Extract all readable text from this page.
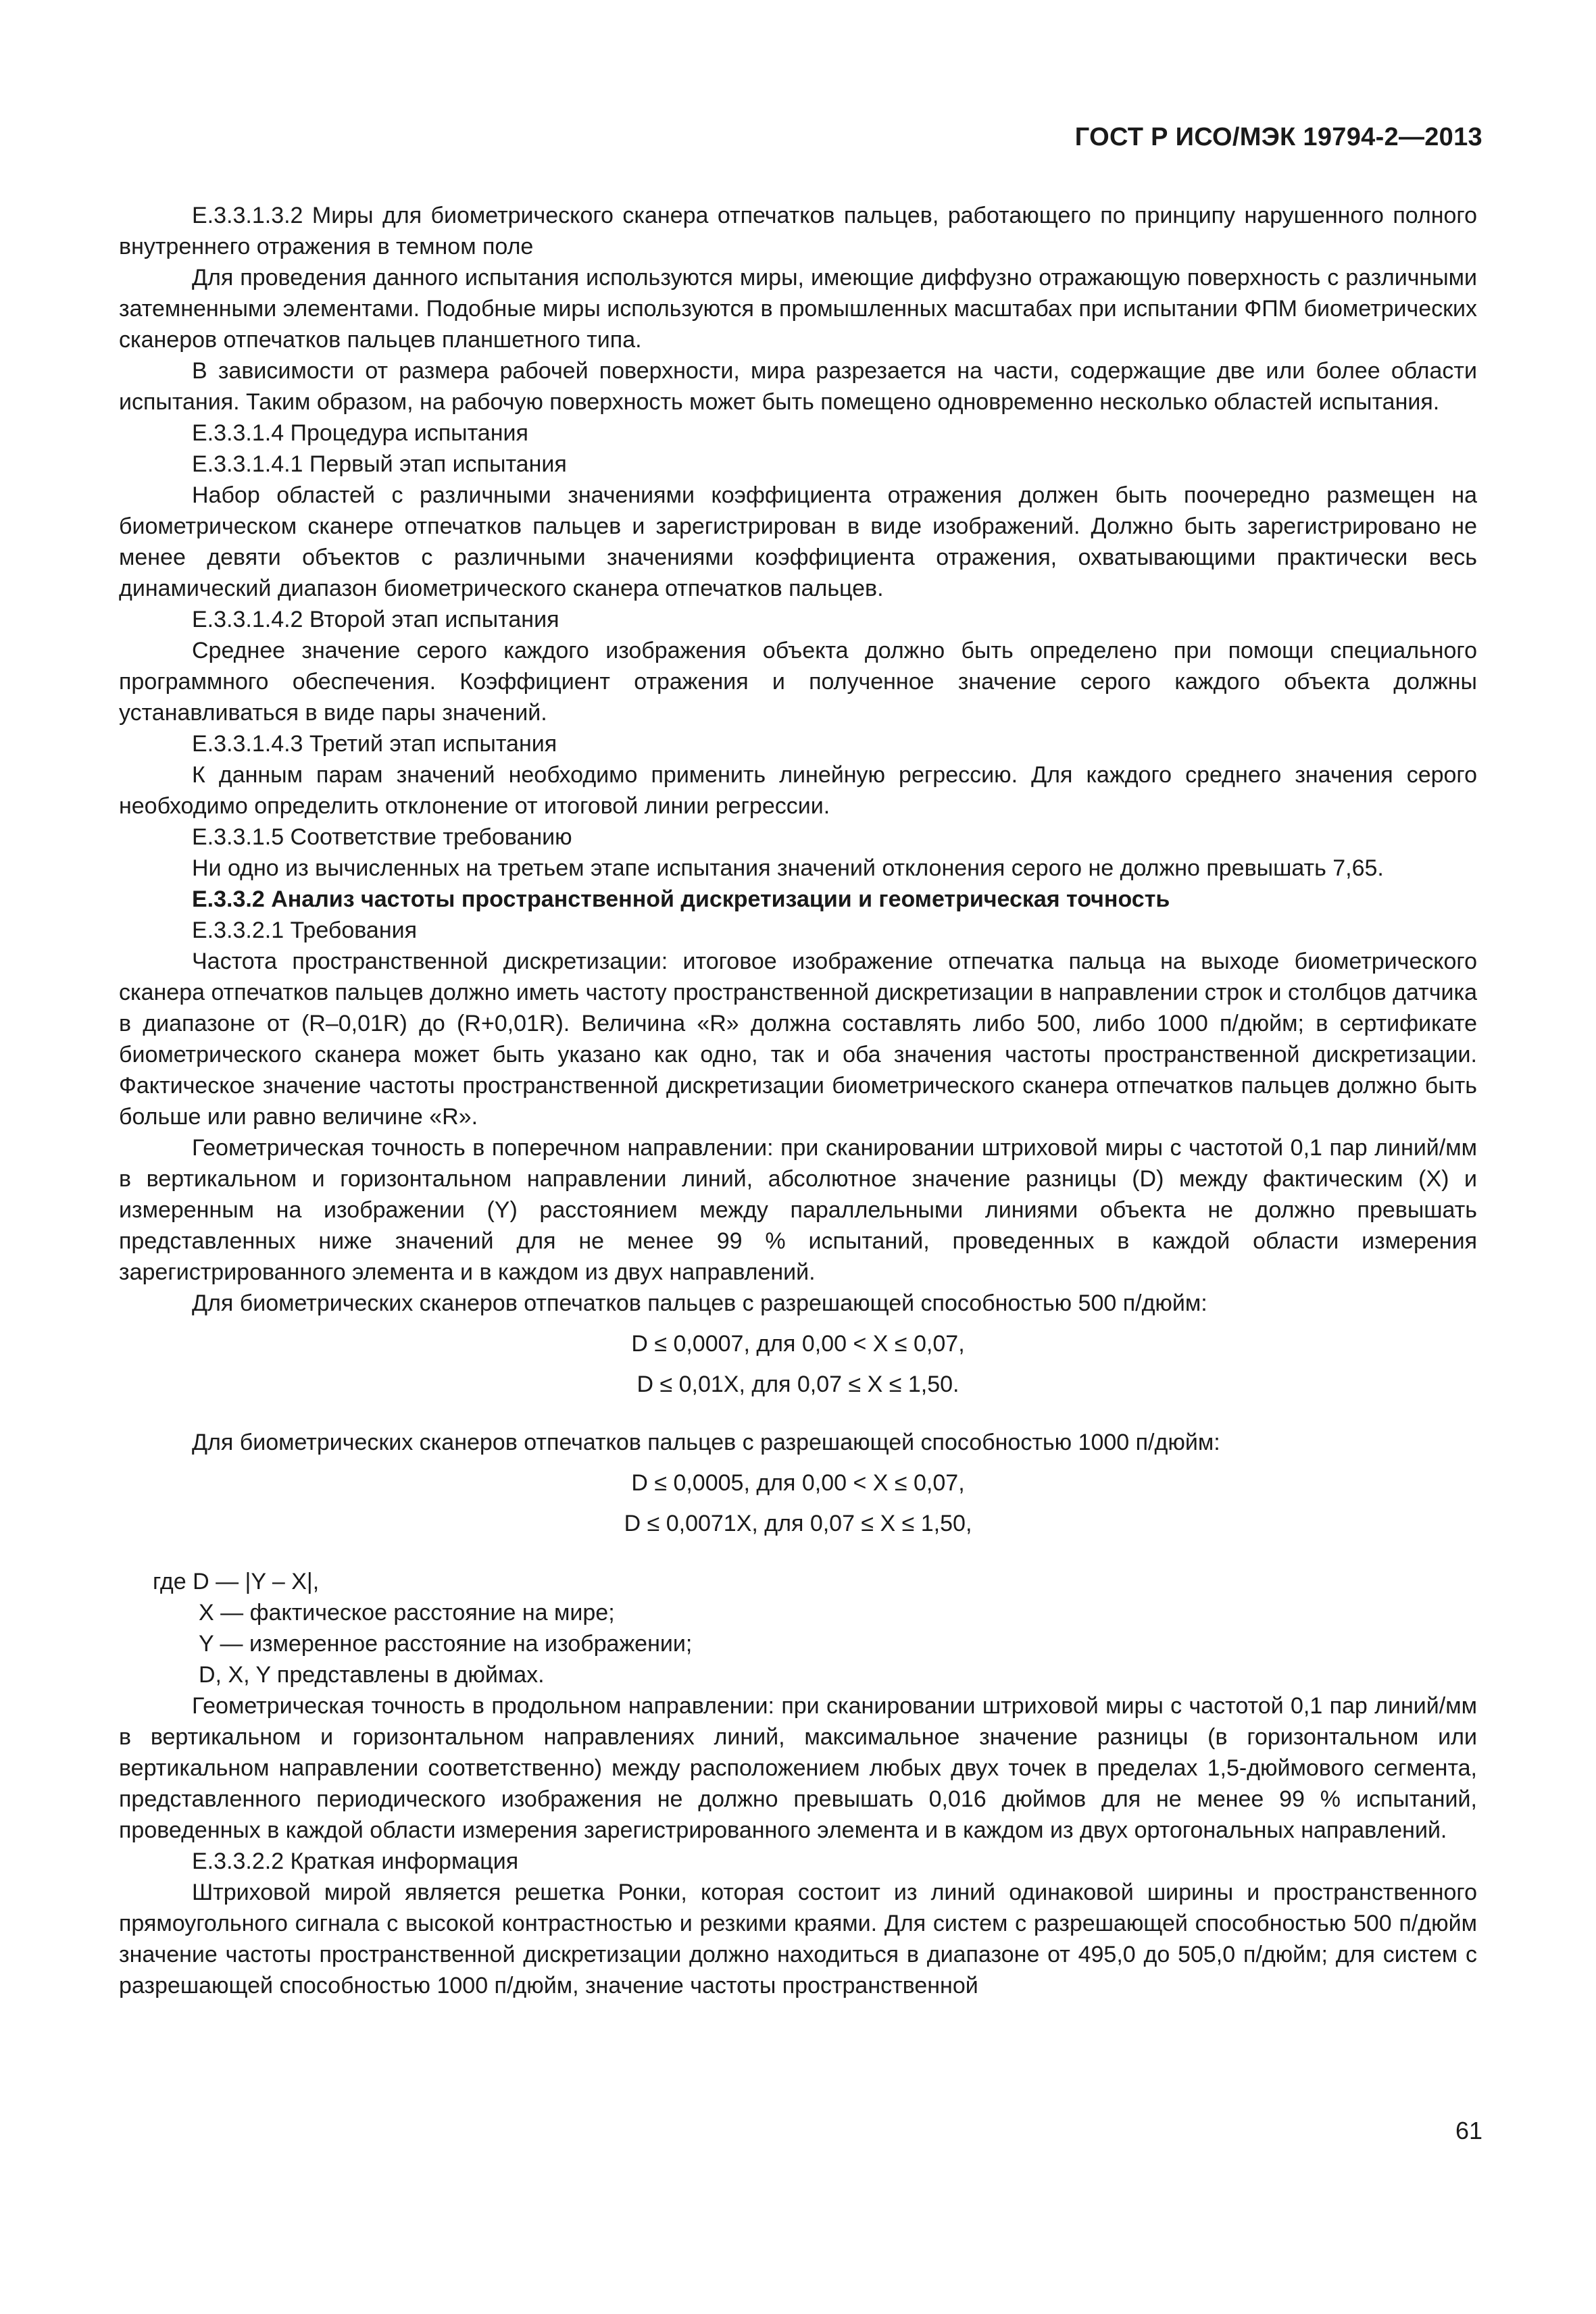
ГОСТ Р ИСО/МЭК 19794-2—2013

Е.3.3.1.3.2 Миры для биометрического сканера отпечатков пальцев, работающего по принципу нарушенного полного внутреннего отражения в темном поле

Для проведения данного испытания используются миры, имеющие диффузно отражающую поверхность с различными затемненными элементами. Подобные миры используются в промышленных масштабах при испытании ФПМ биометрических сканеров отпечатков пальцев планшетного типа.

В зависимости от размера рабочей поверхности, мира разрезается на части, содержащие две или более области испытания. Таким образом, на рабочую поверхность может быть помещено одновременно несколько областей испытания.

Е.3.3.1.4 Процедура испытания

Е.3.3.1.4.1 Первый этап испытания

Набор областей с различными значениями коэффициента отражения должен быть поочередно размещен на биометрическом сканере отпечатков пальцев и зарегистрирован в виде изображений. Должно быть зарегистрировано не менее девяти объектов с различными значениями коэффициента отражения, охватывающими практически весь динамический диапазон биометрического сканера отпечатков пальцев.

Е.3.3.1.4.2 Второй этап испытания

Среднее значение серого каждого изображения объекта должно быть определено при помощи специального программного обеспечения. Коэффициент отражения и полученное значение серого каждого объекта должны устанавливаться в виде пары значений.

Е.3.3.1.4.3 Третий этап испытания

К данным парам значений необходимо применить линейную регрессию. Для каждого среднего значения серого необходимо определить отклонение от итоговой линии регрессии.

Е.3.3.1.5 Соответствие требованию

Ни одно из вычисленных на третьем этапе испытания значений отклонения серого не должно превышать 7,65.

Е.3.3.2 Анализ частоты пространственной дискретизации и геометрическая точность

Е.3.3.2.1 Требования

Частота пространственной дискретизации: итоговое изображение отпечатка пальца на выходе биометрического сканера отпечатков пальцев должно иметь частоту пространственной дискретизации в направлении строк и столбцов датчика в диапазоне от (R–0,01R) до (R+0,01R). Величина «R» должна составлять либо 500, либо 1000 п/дюйм; в сертификате биометрического сканера может быть указано как одно, так и оба значения частоты пространственной дискретизации. Фактическое значение частоты пространственной дискретизации биометрического сканера отпечатков пальцев должно быть больше или равно величине «R».

Геометрическая точность в поперечном направлении: при сканировании штриховой миры с частотой 0,1 пар линий/мм в вертикальном и горизонтальном направлении линий, абсолютное значение разницы (D) между фактическим (X) и измеренным на изображении (Y) расстоянием между параллельными линиями объекта не должно превышать представленных ниже значений для не менее 99 % испытаний, проведенных в каждой области измерения зарегистрированного элемента и в каждом из двух направлений.

Для биометрических сканеров отпечатков пальцев с разрешающей способностью 500 п/дюйм:

D ≤ 0,0007, для 0,00 < X ≤ 0,07,

D ≤ 0,01X, для 0,07 ≤ X ≤ 1,50.

Для биометрических сканеров отпечатков пальцев с разрешающей способностью 1000 п/дюйм:

D ≤ 0,0005, для 0,00 < X ≤ 0,07,

D ≤ 0,0071X, для 0,07 ≤ X ≤ 1,50,

где D — |Y – X|,

X — фактическое расстояние на мире;

Y — измеренное расстояние на изображении;

D, X, Y представлены в дюймах.

Геометрическая точность в продольном направлении: при сканировании штриховой миры с частотой 0,1 пар линий/мм в вертикальном и горизонтальном направлениях линий, максимальное значение разницы (в горизонтальном или вертикальном направлении соответственно) между расположением любых двух точек в пределах 1,5-дюймового сегмента, представленного периодического изображения не должно превышать 0,016 дюймов для не менее 99 % испытаний, проведенных в каждой области измерения зарегистрированного элемента и в каждом из двух ортогональных направлений.

Е.3.3.2.2 Краткая информация

Штриховой мирой является решетка Ронки, которая состоит из линий одинаковой ширины и пространственного прямоугольного сигнала с высокой контрастностью и резкими краями. Для систем с разрешающей способностью 500 п/дюйм значение частоты пространственной дискретизации должно находиться в диапазоне от 495,0 до 505,0 п/дюйм; для систем с разрешающей способностью 1000 п/дюйм, значение частоты пространственной

61
